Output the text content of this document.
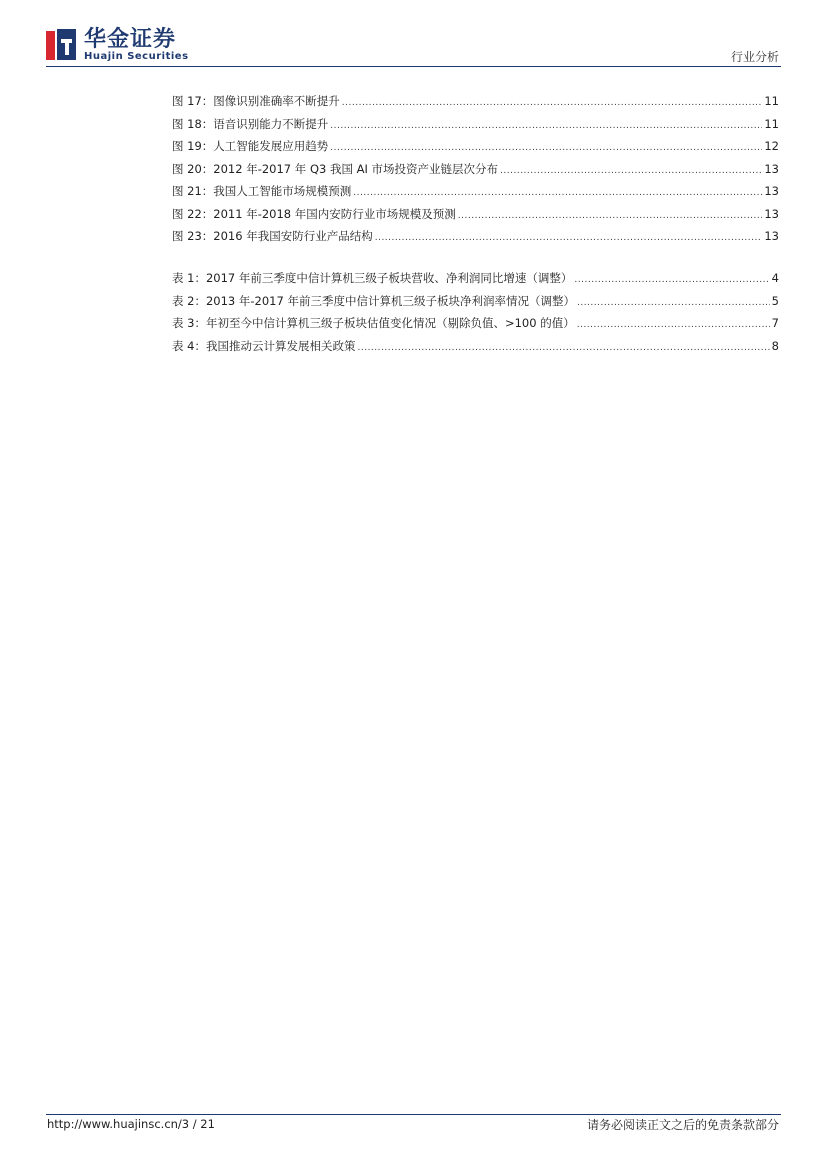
华金证券
Huajin Securities	行业分析
图 17：图像识别准确率不断提升 .....	11
图 18：语音识别能力不断提升 .....	11
图 19：人工智能发展应用趋势 .....	12
图 20：2012 年-2017 年 Q3 我国 AI 市场投资产业链层次分布 .....	13
图 21：我国人工智能市场规模预测 .....	13
图 22：2011 年-2018 年国内安防行业市场规模及预测 .....	13
图 23：2016 年我国安防行业产品结构 .....	13
表 1：2017 年前三季度中信计算机三级子板块营收、净利润同比增速（调整） .....	4
表 2：2013 年-2017 年前三季度中信计算机三级子板块净利润率情况（调整） .....	5
表 3：年初至今中信计算机三级子板块估值变化情况（剔除负值、>100 的值） .....	7
表 4：我国推动云计算发展相关政策 .....	8
http://www.huajinsc.cn/3 / 21	请务必阅读正文之后的免责条款部分
